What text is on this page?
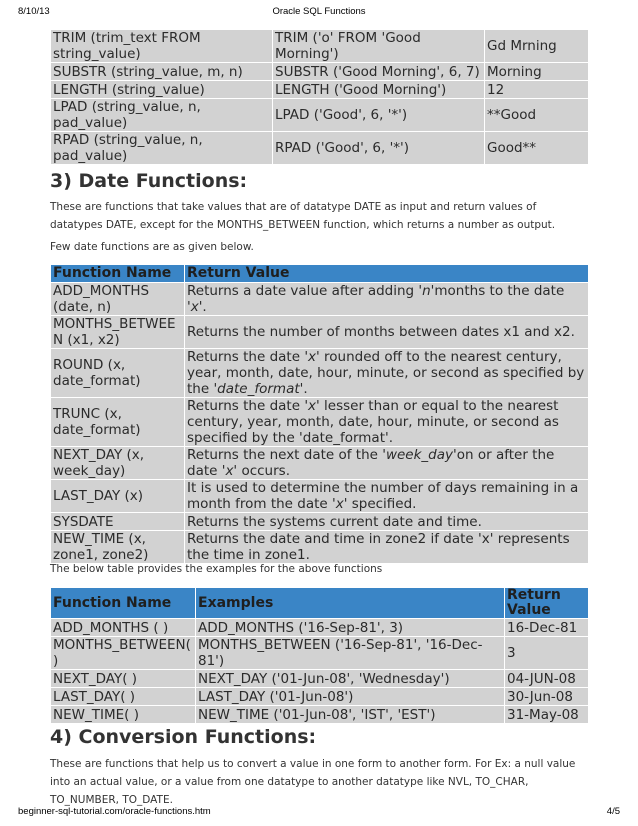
8/10/13	Oracle SQL Functions
TRIM (trim_text FROM string_value)	TRIM ('o' FROM 'Good Morning')	Gd Mrning
SUBSTR (string_value, m, n)	SUBSTR ('Good Morning', 6, 7)	Morning
LENGTH (string_value)	LENGTH ('Good Morning')	12
LPAD (string_value, n, pad_value)	LPAD ('Good', 6, '*')	**Good
RPAD (string_value, n, pad_value)	RPAD ('Good', 6, '*')	Good**
3) Date Functions:
These are functions that take values that are of datatype DATE as input and return values of datatypes DATE, except for the MONTHS_BETWEEN function, which returns a number as output.
Few date functions are as given below.
Function Name	Return Value
ADD_MONTHS (date, n)	Returns a date value after adding 'n'months to the date 'x'.
MONTHS_BETWEEN (x1, x2)	Returns the number of months between dates x1 and x2.
ROUND (x, date_format)	Returns the date 'x' rounded off to the nearest century, year, month, date, hour, minute, or second as specified by the 'date_format'.
TRUNC (x, date_format)	Returns the date 'x' lesser than or equal to the nearest century, year, month, date, hour, minute, or second as specified by the 'date_format'.
NEXT_DAY (x, week_day)	Returns the next date of the 'week_day'on or after the date 'x' occurs.
LAST_DAY (x)	It is used to determine the number of days remaining in a month from the date 'x' specified.
SYSDATE	Returns the systems current date and time.
NEW_TIME (x, zone1, zone2)	Returns the date and time in zone2 if date 'x' represents the time in zone1.
The below table provides the examples for the above functions
Function Name	Examples	Return Value
ADD_MONTHS ( )	ADD_MONTHS ('16-Sep-81', 3)	16-Dec-81
MONTHS_BETWEEN( )	MONTHS_BETWEEN ('16-Sep-81', '16-Dec-81')	3
NEXT_DAY( )	NEXT_DAY ('01-Jun-08', 'Wednesday')	04-JUN-08
LAST_DAY( )	LAST_DAY ('01-Jun-08')	30-Jun-08
NEW_TIME( )	NEW_TIME ('01-Jun-08', 'IST', 'EST')	31-May-08
4) Conversion Functions:
These are functions that help us to convert a value in one form to another form. For Ex: a null value into an actual value, or a value from one datatype to another datatype like NVL, TO_CHAR, TO_NUMBER, TO_DATE.
beginner-sql-tutorial.com/oracle-functions.htm	4/5
